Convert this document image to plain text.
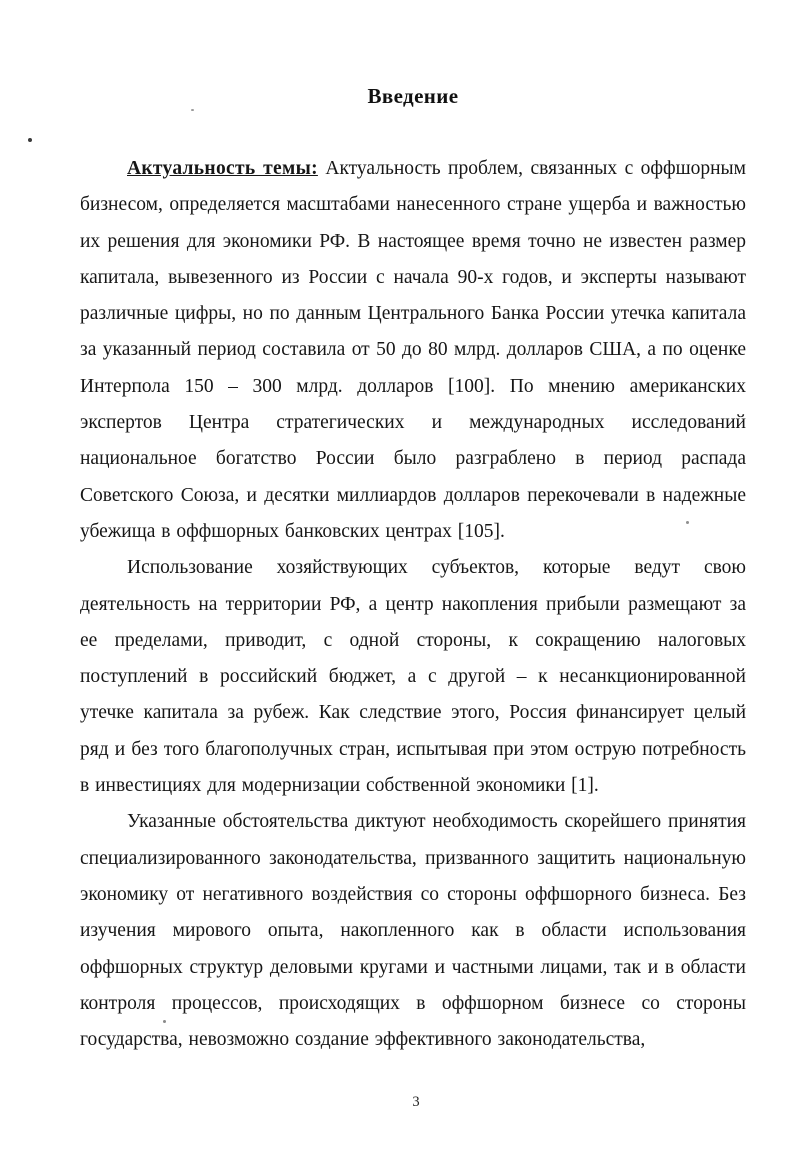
Введение

Актуальность темы: Актуальность проблем, связанных с оффшорным бизнесом, определяется масштабами нанесенного стране ущерба и важностью их решения для экономики РФ. В настоящее время точно не известен размер капитала, вывезенного из России с начала 90-х годов, и эксперты называют различные цифры, но по данным Центрального Банка России утечка капитала за указанный период составила от 50 до 80 млрд. долларов США, а по оценке Интерпола 150 – 300 млрд. долларов [100]. По мнению американских экспертов Центра стратегических и международных исследований национальное богатство России было разграблено в период распада Советского Союза, и десятки миллиардов долларов перекочевали в надежные убежища в оффшорных банковских центрах [105].

Использование хозяйствующих субъектов, которые ведут свою деятельность на территории РФ, а центр накопления прибыли размещают за ее пределами, приводит, с одной стороны, к сокращению налоговых поступлений в российский бюджет, а с другой – к несанкционированной утечке капитала за рубеж. Как следствие этого, Россия финансирует целый ряд и без того благополучных стран, испытывая при этом острую потребность в инвестициях для модернизации собственной экономики [1].

Указанные обстоятельства диктуют необходимость скорейшего принятия специализированного законодательства, призванного защитить национальную экономику от негативного воздействия со стороны оффшорного бизнеса. Без изучения мирового опыта, накопленного как в области использования оффшорных структур деловыми кругами и частными лицами, так и в области контроля процессов, происходящих в оффшорном бизнесе со стороны государства, невозможно создание эффективного законодательства,

3
